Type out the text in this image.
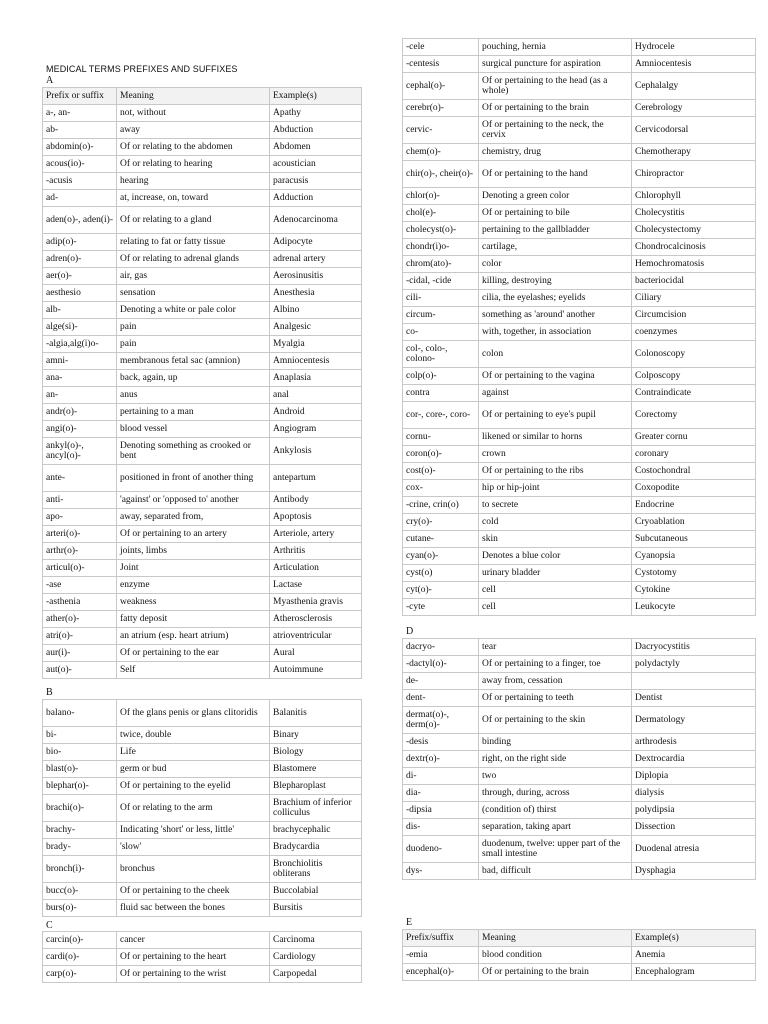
MEDICAL TERMS PREFIXES AND SUFFIXES
A
B
C
D
E
Prefix or suffix	Meaning	Example(s)
a-, an-	not, without	Apathy
ab-	away	Abduction
abdomin(o)-	Of or relating to the abdomen	Abdomen
acous(io)-	Of or relating to hearing	acoustician
-acusis	hearing	paracusis
ad-	at, increase, on, toward	Adduction
aden(o)-, aden(i)-	Of or relating to a gland	Adenocarcinoma
adip(o)-	relating to fat or fatty tissue	Adipocyte
adren(o)-	Of or relating to adrenal glands	adrenal artery
aer(o)-	air, gas	Aerosinusitis
aesthesio	sensation	Anesthesia
alb-	Denoting a white or pale color	Albino
alge(si)-	pain	Analgesic
-algia,alg(i)o-	pain	Myalgia
amni-	membranous fetal sac (amnion)	Amniocentesis
ana-	back, again, up	Anaplasia
an-	anus	anal
andr(o)-	pertaining to a man	Android
angi(o)-	blood vessel	Angiogram
ankyl(o)-, ancyl(o)-	Denoting something as crooked or bent	Ankylosis
ante-	positioned in front of another thing	antepartum
anti-	'against' or 'opposed to' another	Antibody
apo-	away, separated from,	Apoptosis
arteri(o)-	Of or pertaining to an artery	Arteriole, artery
arthr(o)-	joints, limbs	Arthritis
articul(o)-	Joint	Articulation
-ase	enzyme	Lactase
-asthenia	weakness	Myasthenia gravis
ather(o)-	fatty deposit	Atherosclerosis
atri(o)-	an atrium (esp. heart atrium)	atrioventricular
aur(i)-	Of or pertaining to the ear	Aural
aut(o)-	Self	Autoimmune
balano-	Of the glans penis or glans clitoridis	Balanitis
bi-	twice, double	Binary
bio-	Life	Biology
blast(o)-	germ or bud	Blastomere
blephar(o)-	Of or pertaining to the eyelid	Blepharoplast
brachi(o)-	Of or relating to the arm	Brachium of inferior colliculus
brachy-	Indicating 'short' or less, little'	brachycephalic
brady-	'slow'	Bradycardia
bronch(i)-	bronchus	Bronchiolitis obliterans
bucc(o)-	Of or pertaining to the cheek	Buccolabial
burs(o)-	fluid sac between the bones	Bursitis
carcin(o)-	cancer	Carcinoma
cardi(o)-	Of or pertaining to the heart	Cardiology
carp(o)-	Of or pertaining to the wrist	Carpopedal
-cele	pouching, hernia	Hydrocele
-centesis	surgical puncture for aspiration	Amniocentesis
cephal(o)-	Of or pertaining to the head (as a whole)	Cephalalgy
cerebr(o)-	Of or pertaining to the brain	Cerebrology
cervic-	Of or pertaining to the neck, the cervix	Cervicodorsal
chem(o)-	chemistry, drug	Chemotherapy
chir(o)-, cheir(o)-	Of or pertaining to the hand	Chiropractor
chlor(o)-	Denoting a green color	Chlorophyll
chol(e)-	Of or pertaining to bile	Cholecystitis
cholecyst(o)-	pertaining to the gallbladder	Cholecystectomy
chondr(i)o-	cartilage,	Chondrocalcinosis
chrom(ato)-	color	Hemochromatosis
-cidal, -cide	killing, destroying	bacteriocidal
cili-	cilia, the eyelashes; eyelids	Ciliary
circum-	something as 'around' another	Circumcision
co-	with, together, in association	coenzymes
col-, colo-, colono-	colon	Colonoscopy
colp(o)-	Of or pertaining to the vagina	Colposcopy
contra	against	Contraindicate
cor-, core-, coro-	Of or pertaining to eye's pupil	Corectomy
cornu-	likened or similar to horns	Greater cornu
coron(o)-	crown	coronary
cost(o)-	Of or pertaining to the ribs	Costochondral
cox-	hip or hip-joint	Coxopodite
-crine, crin(o)	to secrete	Endocrine
cry(o)-	cold	Cryoablation
cutane-	skin	Subcutaneous
cyan(o)-	Denotes a blue color	Cyanopsia
cyst(o)	urinary bladder	Cystotomy
cyt(o)-	cell	Cytokine
-cyte	cell	Leukocyte
dacryo-	tear	Dacryocystitis
-dactyl(o)-	Of or pertaining to a finger, toe	polydactyly
de-	away from, cessation	
dent-	Of or pertaining to teeth	Dentist
dermat(o)-, derm(o)-	Of or pertaining to the skin	Dermatology
-desis	binding	arthrodesis
dextr(o)-	right, on the right side	Dextrocardia
di-	two	Diplopia
dia-	through, during, across	dialysis
-dipsia	(condition of) thirst	polydipsia
dis-	separation, taking apart	Dissection
duodeno-	duodenum, twelve: upper part of the small intestine	Duodenal atresia
dys-	bad, difficult	Dysphagia
Prefix/suffix	Meaning	Example(s)
-emia	blood condition	Anemia
encephal(o)-	Of or pertaining to the brain	Encephalogram
